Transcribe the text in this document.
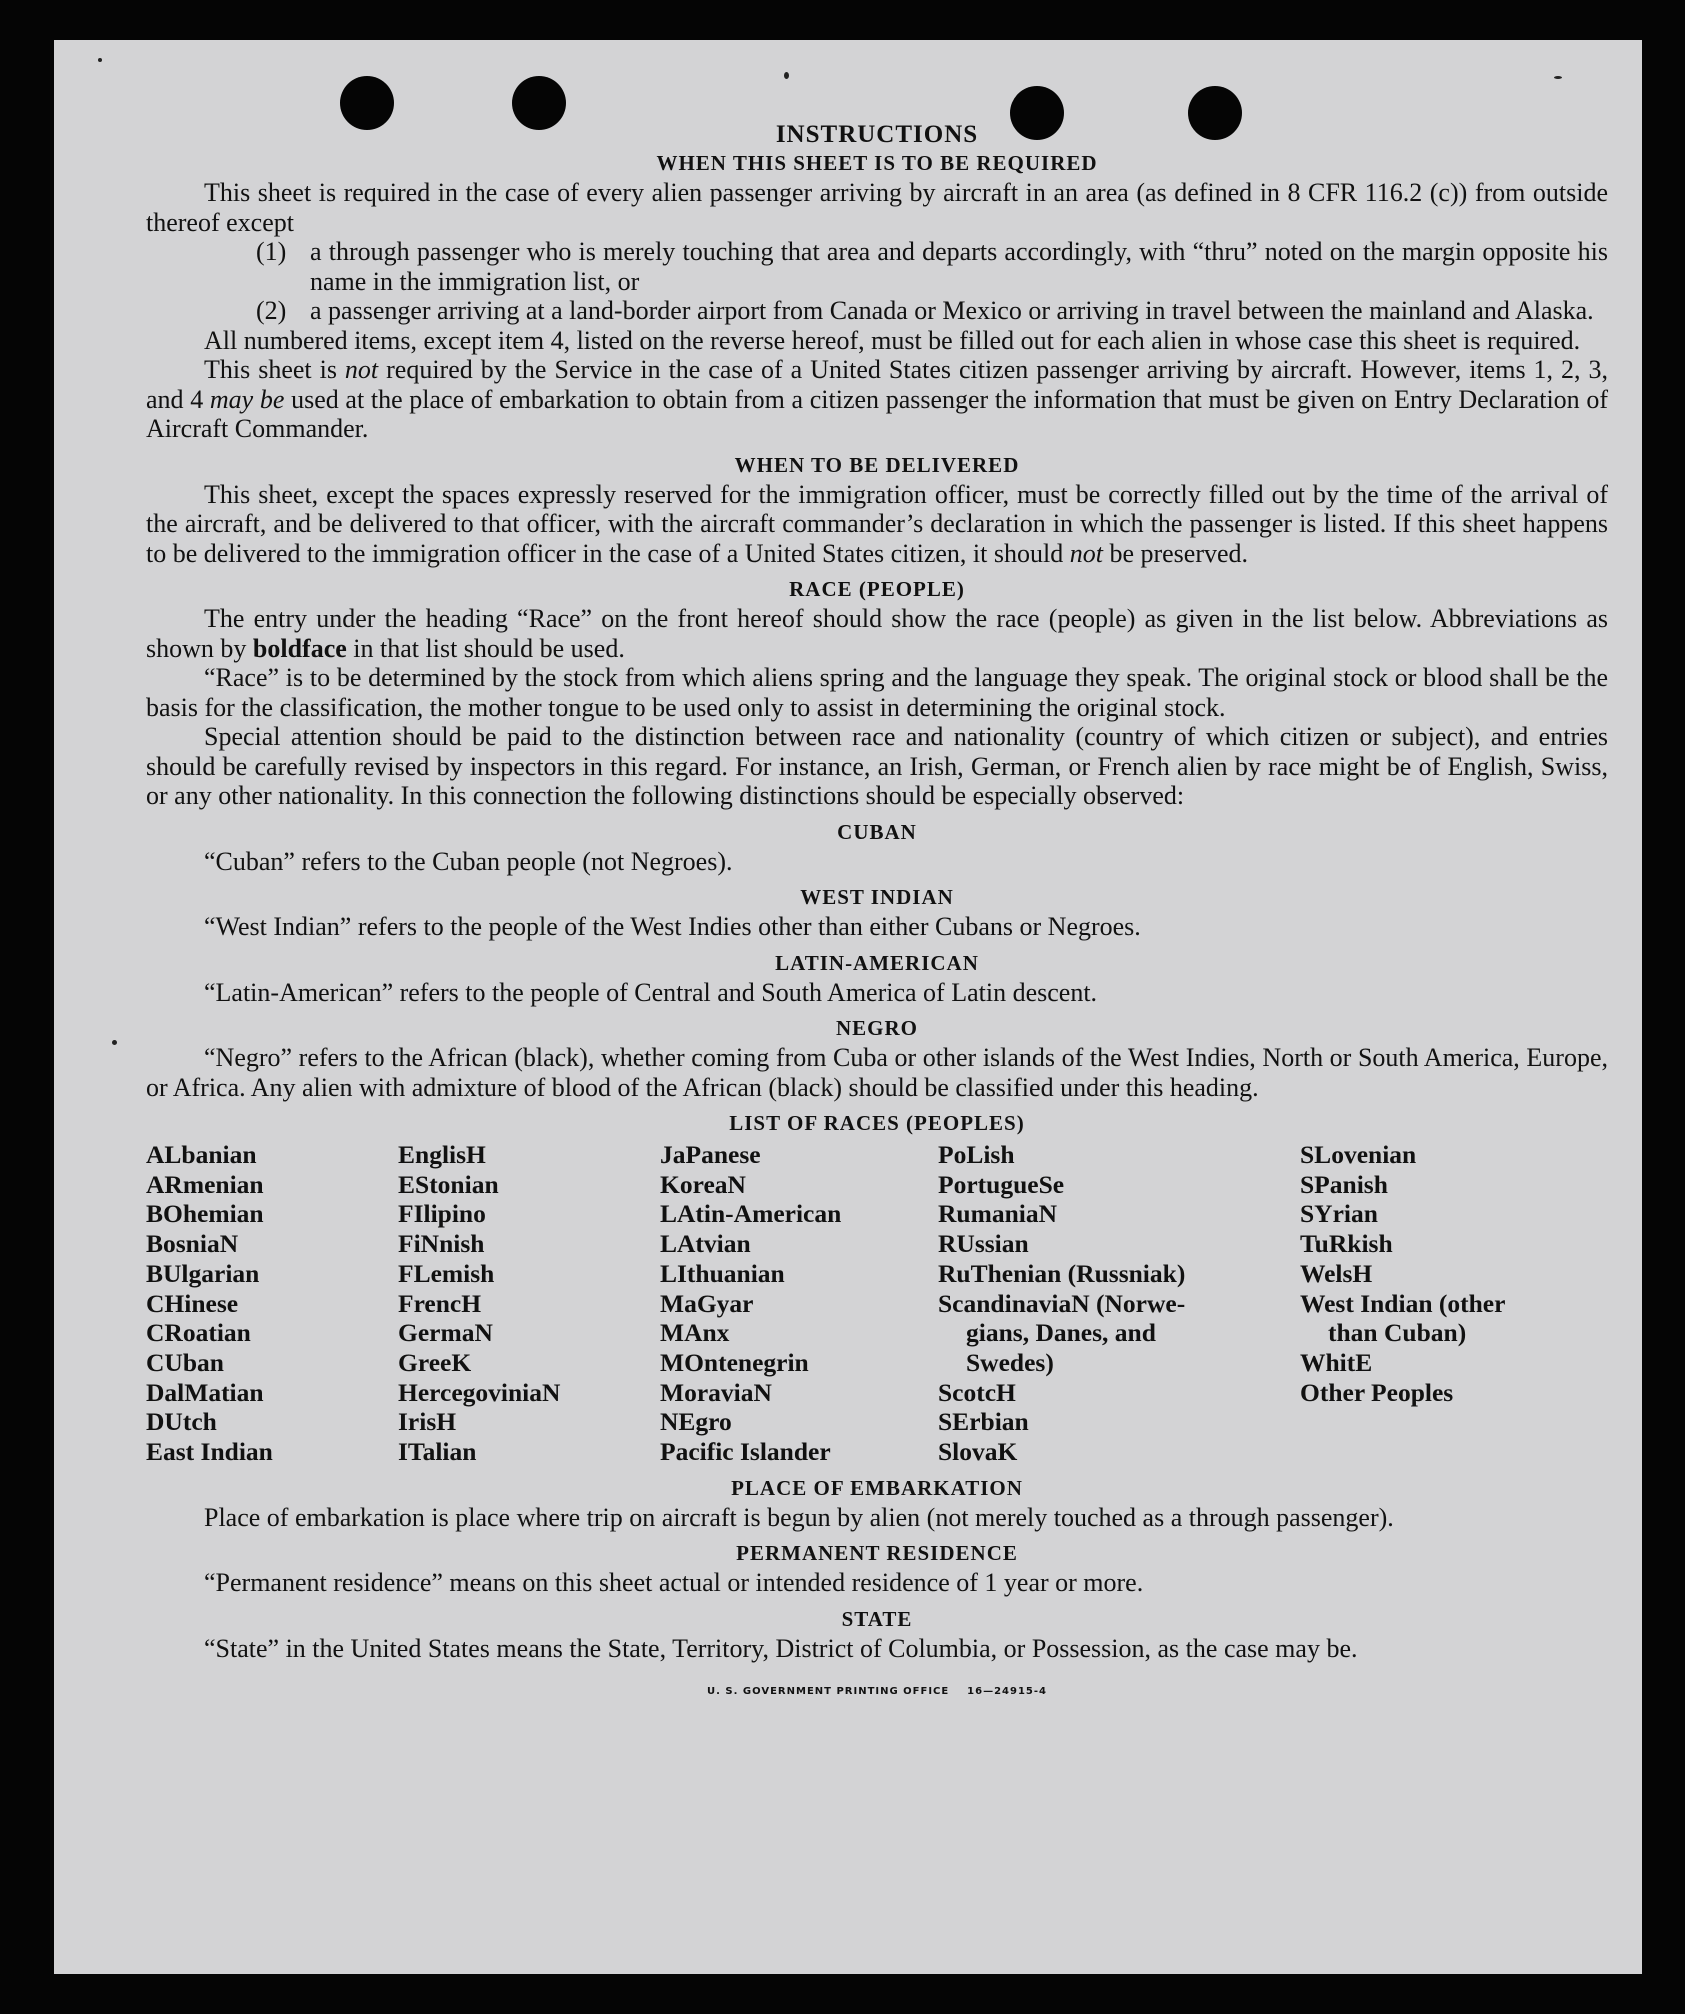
INSTRUCTIONS
WHEN THIS SHEET IS TO BE REQUIRED

This sheet is required in the case of every alien passenger arriving by aircraft in an area (as defined in 8 CFR 116.2 (c)) from outside thereof except

(1) a through passenger who is merely touching that area and departs accordingly, with “thru” noted on the margin opposite his name in the immigration list, or
(2) a passenger arriving at a land-border airport from Canada or Mexico or arriving in travel between the mainland and Alaska.

All numbered items, except item 4, listed on the reverse hereof, must be filled out for each alien in whose case this sheet is required.

This sheet is not required by the Service in the case of a United States citizen passenger arriving by aircraft. However, items 1, 2, 3, and 4 may be used at the place of embarkation to obtain from a citizen passenger the information that must be given on Entry Declaration of Aircraft Commander.

WHEN TO BE DELIVERED

This sheet, except the spaces expressly reserved for the immigration officer, must be correctly filled out by the time of the arrival of the aircraft, and be delivered to that officer, with the aircraft commander’s declaration in which the passenger is listed. If this sheet happens to be delivered to the immigration officer in the case of a United States citizen, it should not be preserved.

RACE (PEOPLE)

The entry under the heading “Race” on the front hereof should show the race (people) as given in the list below. Abbreviations as shown by boldface in that list should be used.

“Race” is to be determined by the stock from which aliens spring and the language they speak. The original stock or blood shall be the basis for the classification, the mother tongue to be used only to assist in determining the original stock.

Special attention should be paid to the distinction between race and nationality (country of which citizen or subject), and entries should be carefully revised by inspectors in this regard. For instance, an Irish, German, or French alien by race might be of English, Swiss, or any other nationality. In this connection the following distinctions should be especially observed:

CUBAN

“Cuban” refers to the Cuban people (not Negroes).

WEST INDIAN

“West Indian” refers to the people of the West Indies other than either Cubans or Negroes.

LATIN-AMERICAN

“Latin-American” refers to the people of Central and South America of Latin descent.

NEGRO

“Negro” refers to the African (black), whether coming from Cuba or other islands of the West Indies, North or South America, Europe, or Africa. Any alien with admixture of blood of the African (black) should be classified under this heading.

LIST OF RACES (PEOPLES)
ALbanian
ARmenian
BOhemian
BosniaN
BUlgarian
CHinese
CRoatian
CUban
DalMatian
DUtch
East Indian
EnglisH
EStonian
FIlipino
FiNnish
FLemish
FrencH
GermaN
GreeK
HercegoviniaN
IrisH
ITalian
JaPanese
KoreaN
LAtin-American
LAtvian
LIthuanian
MaGyar
MAnx
MOntenegrin
MoraviaN
NEgro
Pacific Islander
PoLish
PortugueSe
RumaniaN
RUssian
RuThenian (Russniak)
ScandinaviaN (Norwe-
gians, Danes, and
Swedes)
ScotcH
SErbian
SlovaK
SLovenian
SPanish
SYrian
TuRkish
WelsH
West Indian (other
than Cuban)
WhitE
Other Peoples
PLACE OF EMBARKATION

Place of embarkation is place where trip on aircraft is begun by alien (not merely touched as a through passenger).

PERMANENT RESIDENCE

“Permanent residence” means on this sheet actual or intended residence of 1 year or more.

STATE

“State” in the United States means the State, Territory, District of Columbia, or Possession, as the case may be.

U. S. GOVERNMENT PRINTING OFFICE    16—24915-4
